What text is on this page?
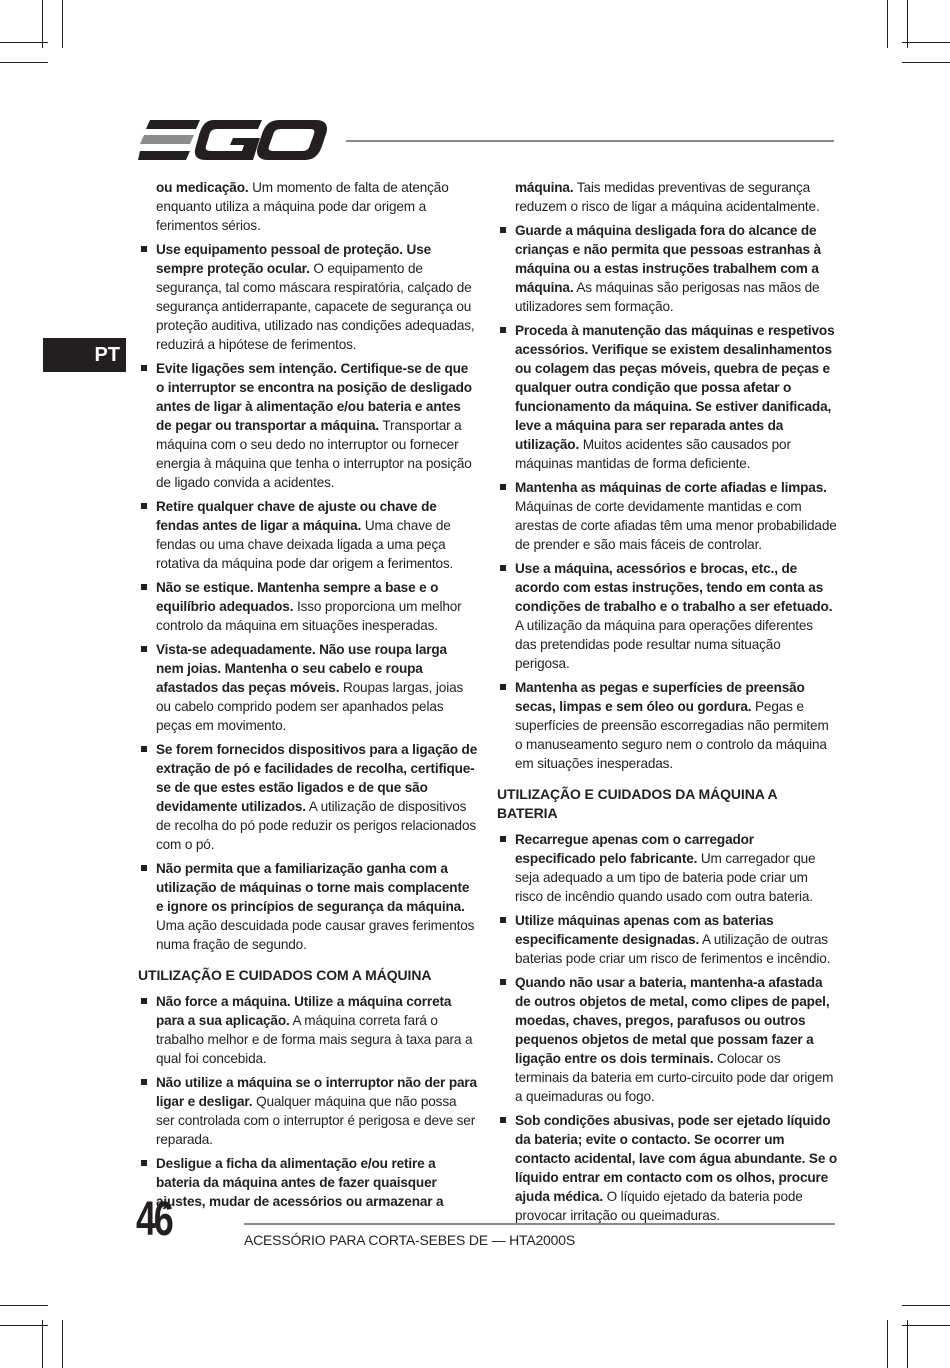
PT
ou medicação. Um momento de falta de atenção enquanto utiliza a máquina pode dar origem a ferimentos sérios.
Use equipamento pessoal de proteção. Use sempre proteção ocular. O equipamento de segurança, tal como máscara respiratória, calçado de segurança antiderrapante, capacete de segurança ou proteção auditiva, utilizado nas condições adequadas, reduzirá a hipótese de ferimentos.
Evite ligações sem intenção. Certifique-se de que o interruptor se encontra na posição de desligado antes de ligar à alimentação e/ou bateria e antes de pegar ou transportar a máquina. Transportar a máquina com o seu dedo no interruptor ou fornecer energia à máquina que tenha o interruptor na posição de ligado convida a acidentes.
Retire qualquer chave de ajuste ou chave de fendas antes de ligar a máquina. Uma chave de fendas ou uma chave deixada ligada a uma peça rotativa da máquina pode dar origem a ferimentos.
Não se estique. Mantenha sempre a base e o equilíbrio adequados. Isso proporciona um melhor controlo da máquina em situações inesperadas.
Vista-se adequadamente. Não use roupa larga nem joias. Mantenha o seu cabelo e roupa afastados das peças móveis. Roupas largas, joias ou cabelo comprido podem ser apanhados pelas peças em movimento.
Se forem fornecidos dispositivos para a ligação de extração de pó e facilidades de recolha, certifique-se de que estes estão ligados e de que são devidamente utilizados. A utilização de dispositivos de recolha do pó pode reduzir os perigos relacionados com o pó.
Não permita que a familiarização ganha com a utilização de máquinas o torne mais complacente e ignore os princípios de segurança da máquina. Uma ação descuidada pode causar graves ferimentos numa fração de segundo.
UTILIZAÇÃO E CUIDADOS COM A MÁQUINA
Não force a máquina. Utilize a máquina correta para a sua aplicação. A máquina correta fará o trabalho melhor e de forma mais segura à taxa para a qual foi concebida.
Não utilize a máquina se o interruptor não der para ligar e desligar. Qualquer máquina que não possa ser controlada com o interruptor é perigosa e deve ser reparada.
Desligue a ficha da alimentação e/ou retire a bateria da máquina antes de fazer quaisquer ajustes, mudar de acessórios ou armazenar a
máquina. Tais medidas preventivas de segurança reduzem o risco de ligar a máquina acidentalmente.
Guarde a máquina desligada fora do alcance de crianças e não permita que pessoas estranhas à máquina ou a estas instruções trabalhem com a máquina. As máquinas são perigosas nas mãos de utilizadores sem formação.
Proceda à manutenção das máquinas e respetivos acessórios. Verifique se existem desalinhamentos ou colagem das peças móveis, quebra de peças e qualquer outra condição que possa afetar o funcionamento da máquina. Se estiver danificada, leve a máquina para ser reparada antes da utilização. Muitos acidentes são causados por máquinas mantidas de forma deficiente.
Mantenha as máquinas de corte afiadas e limpas. Máquinas de corte devidamente mantidas e com arestas de corte afiadas têm uma menor probabilidade de prender e são mais fáceis de controlar.
Use a máquina, acessórios e brocas, etc., de acordo com estas instruções, tendo em conta as condições de trabalho e o trabalho a ser efetuado. A utilização da máquina para operações diferentes das pretendidas pode resultar numa situação perigosa.
Mantenha as pegas e superfícies de preensão secas, limpas e sem óleo ou gordura. Pegas e superfícies de preensão escorregadias não permitem o manuseamento seguro nem o controlo da máquina em situações inesperadas.
UTILIZAÇÃO E CUIDADOS DA MÁQUINA A BATERIA
Recarregue apenas com o carregador especificado pelo fabricante. Um carregador que seja adequado a um tipo de bateria pode criar um risco de incêndio quando usado com outra bateria.
Utilize máquinas apenas com as baterias especificamente designadas. A utilização de outras baterias pode criar um risco de ferimentos e incêndio.
Quando não usar a bateria, mantenha-a afastada de outros objetos de metal, como clipes de papel, moedas, chaves, pregos, parafusos ou outros pequenos objetos de metal que possam fazer a ligação entre os dois terminais. Colocar os terminais da bateria em curto-circuito pode dar origem a queimaduras ou fogo.
Sob condições abusivas, pode ser ejetado líquido da bateria; evite o contacto. Se ocorrer um contacto acidental, lave com água abundante. Se o líquido entrar em contacto com os olhos, procure ajuda médica. O líquido ejetado da bateria pode provocar irritação ou queimaduras.
46	ACESSÓRIO PARA CORTA-SEBES DE — HTA2000S
